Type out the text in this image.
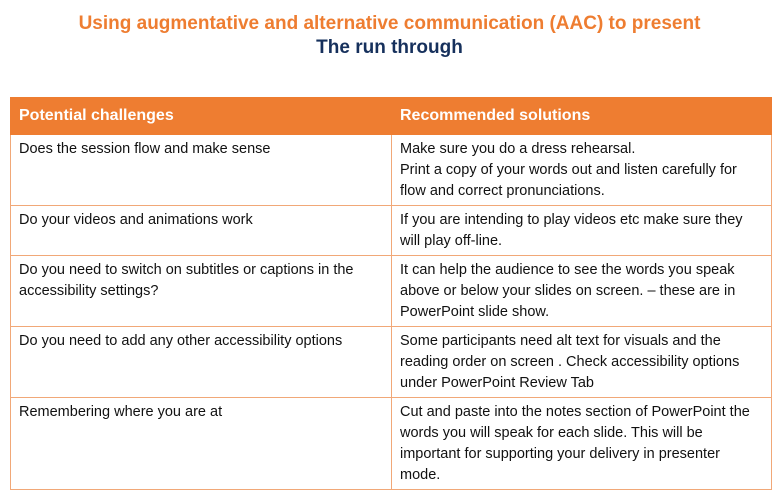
Using augmentative and alternative communication (AAC) to present
The run through
Potential challenges	Recommended solutions
Does the session flow and make sense	Make sure you do a dress rehearsal.
Print a copy of your words out and listen carefully for flow and correct pronunciations.

Do your videos and animations work	If you are intending to play videos etc make sure they will play off-line.

Do you need to switch on subtitles or captions in the accessibility settings?	It can help the audience to see the words you speak above or below your slides on screen. – these are in PowerPoint slide show.

Do you need to add any other accessibility options	Some participants need alt text for visuals and the reading order on screen . Check accessibility options under PowerPoint Review Tab

Remembering where you are at	Cut and paste into the notes section of PowerPoint the words you will speak for each slide. This will be important for supporting your delivery in presenter mode.
